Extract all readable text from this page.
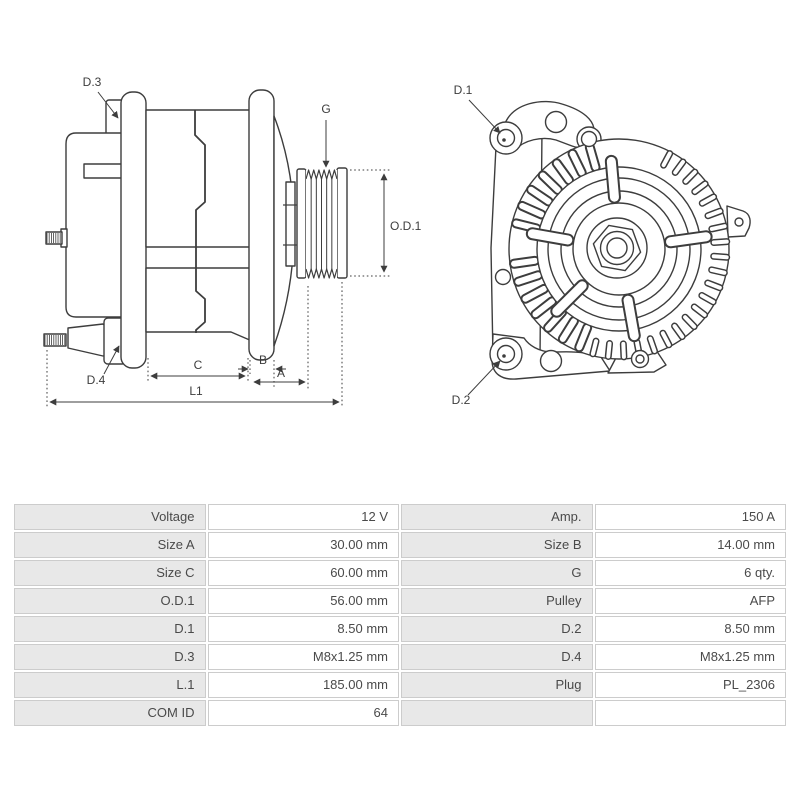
D.3
G
O.D.1
D.4
C	B
A
L1
D.1
D.2
Voltage	12 V	Amp.	150 A
Size A	30.00 mm	Size B	14.00 mm
Size C	60.00 mm	G	6 qty.
O.D.1	56.00 mm	Pulley	AFP
D.1	8.50 mm	D.2	8.50 mm
D.3	M8x1.25 mm	D.4	M8x1.25 mm
L.1	185.00 mm	Plug	PL_2306
COM ID	64		
